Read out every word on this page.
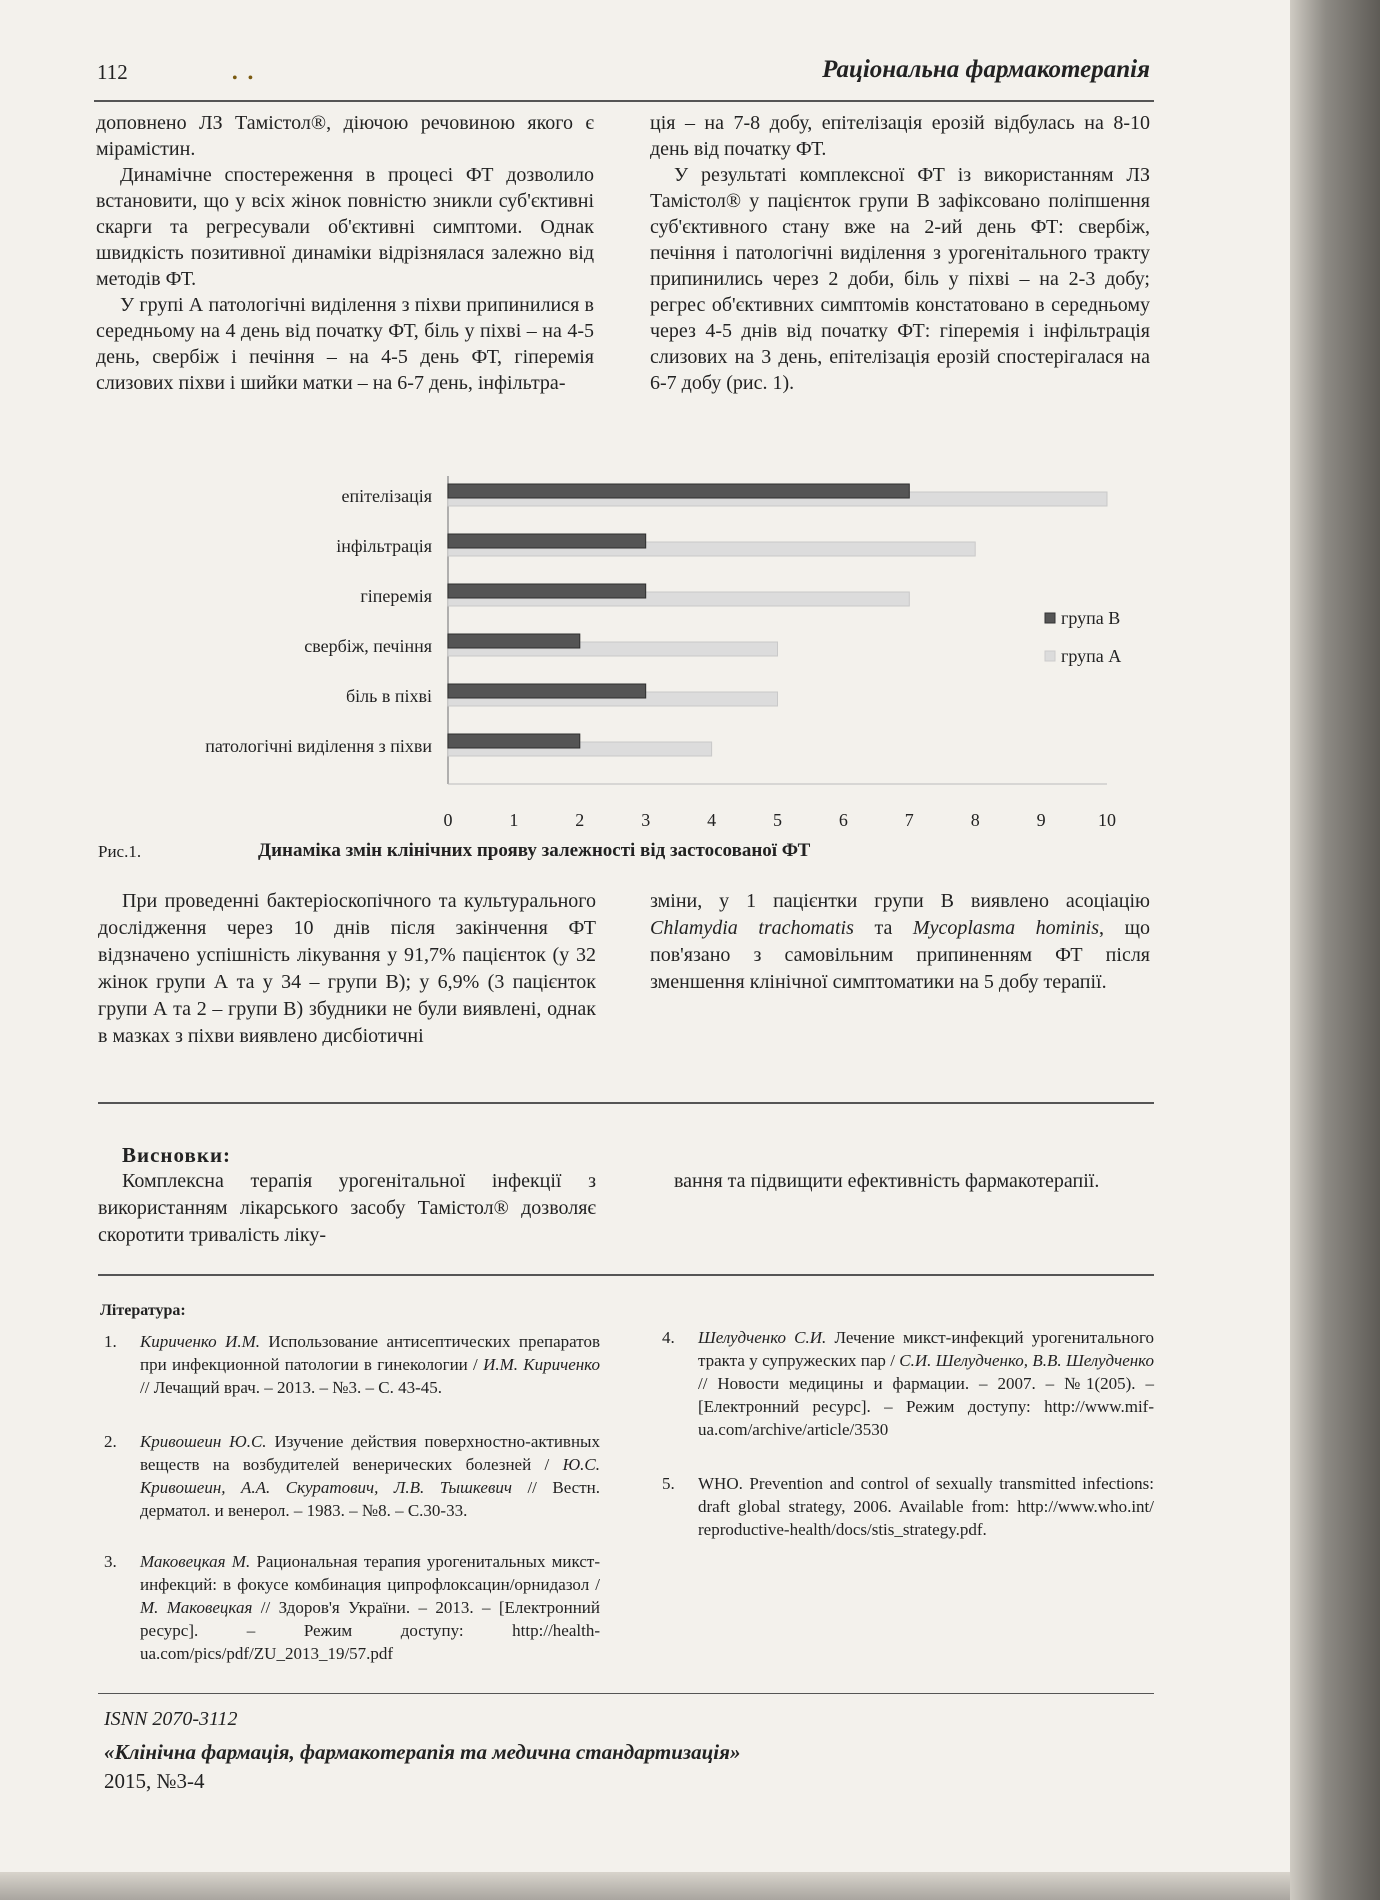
112	• •	Раціональна фармакотерапія

доповнено ЛЗ Тамістол®, діючою речовиною якого є мірамістин.

Динамічне спостереження в процесі ФТ дозволило встановити, що у всіх жінок повністю зникли суб'єктивні скарги та регресували об'єктивні симптоми. Однак швидкість позитивної динаміки відрізнялася залежно від методів ФТ.

У групі А патологічні виділення з піхви припинилися в середньому на 4 день від початку ФТ, біль у піхві – на 4-5 день, свербіж і печіння – на 4-5 день ФТ, гіперемія слизових піхви і шийки матки – на 6-7 день, інфільтра-

ція – на 7-8 добу, епітелізація ерозій відбулась на 8-10 день від початку ФТ.

У результаті комплексної ФТ із використанням ЛЗ Тамістол® у пацієнток групи В зафіксовано поліпшення суб'єктивного стану вже на 2-ий день ФТ: свербіж, печіння і патологічні виділення з урогенітального тракту припинились через 2 доби, біль у піхві – на 2-3 добу; регрес об'єктивних симптомів констатовано в середньому через 4-5 днів від початку ФТ: гіперемія і інфільтрація слизових на 3 день, епітелізація ерозій спостерігалася на 6-7 добу (рис. 1).

епітелізація
інфільтрація
гіперемія
свербіж, печіння
біль в піхві
патологічні виділення з піхви
0	1	2	3	4	5	6	7	8	9	10
група В
група А
Рис.1.	Динаміка змін клінічних прояву залежності від застосованої ФТ

При проведенні бактеріоскопічного та культурального дослідження через 10 днів після закінчення ФТ відзначено успішність лікування у 91,7% пацієнток (у 32 жінок групи А та у 34 – групи В); у 6,9% (3 пацієнток групи А та 2 – групи В) збудники не були виявлені, однак в мазках з піхви виявлено дисбіотичні

зміни, у 1 пацієнтки групи В виявлено асоціацію Chlamydia trachomatis та Mycoplasma hominis, що пов'язано з самовільним припиненням ФТ після зменшення клінічної симптоматики на 5 добу терапії.

Висновки:

Комплексна терапія урогенітальної інфекції з використанням лікарського засобу Тамістол® дозволяє скоротити тривалість ліку-

вання та підвищити ефективність фармакотерапії.

Література:
1. Кириченко И.М. Использование антисептических препаратов при инфекционной патологии в гинекологии / И.М. Кириченко // Лечащий врач. – 2013. – №3. – С. 43-45.
2. Кривошеин Ю.С. Изучение действия поверхностно-активных веществ на возбудителей венерических болезней / Ю.С. Кривошеин, А.А. Скуратович, Л.В. Тышкевич // Вестн. дерматол. и венерол. – 1983. – №8. – С.30-33.
3. Маковецкая М. Рациональная терапия урогенитальных микст-инфекций: в фокусе комбинация ципрофлоксацин/орнидазол / М. Маковецкая // Здоров'я України. – 2013. – [Електронний ресурс]. – Режим доступу: http://health-ua.com/pics/pdf/ZU_2013_19/57.pdf
4. Шелудченко С.И. Лечение микст-инфекций урогенитального тракта у супружеских пар / С.И. Шелудченко, В.В. Шелудченко // Новости медицины и фармации. – 2007. – №1(205). – [Електронний ресурс]. – Режим доступу: http://www.mif-ua.com/archive/article/3530
5. WHO. Prevention and control of sexually transmitted infections: draft global strategy, 2006. Available from: http://www.who.int/ reproductive-health/docs/stis_strategy.pdf.
ISNN 2070-3112
«Клінічна фармація, фармакотерапія та медична стандартизація»
2015, №3-4
